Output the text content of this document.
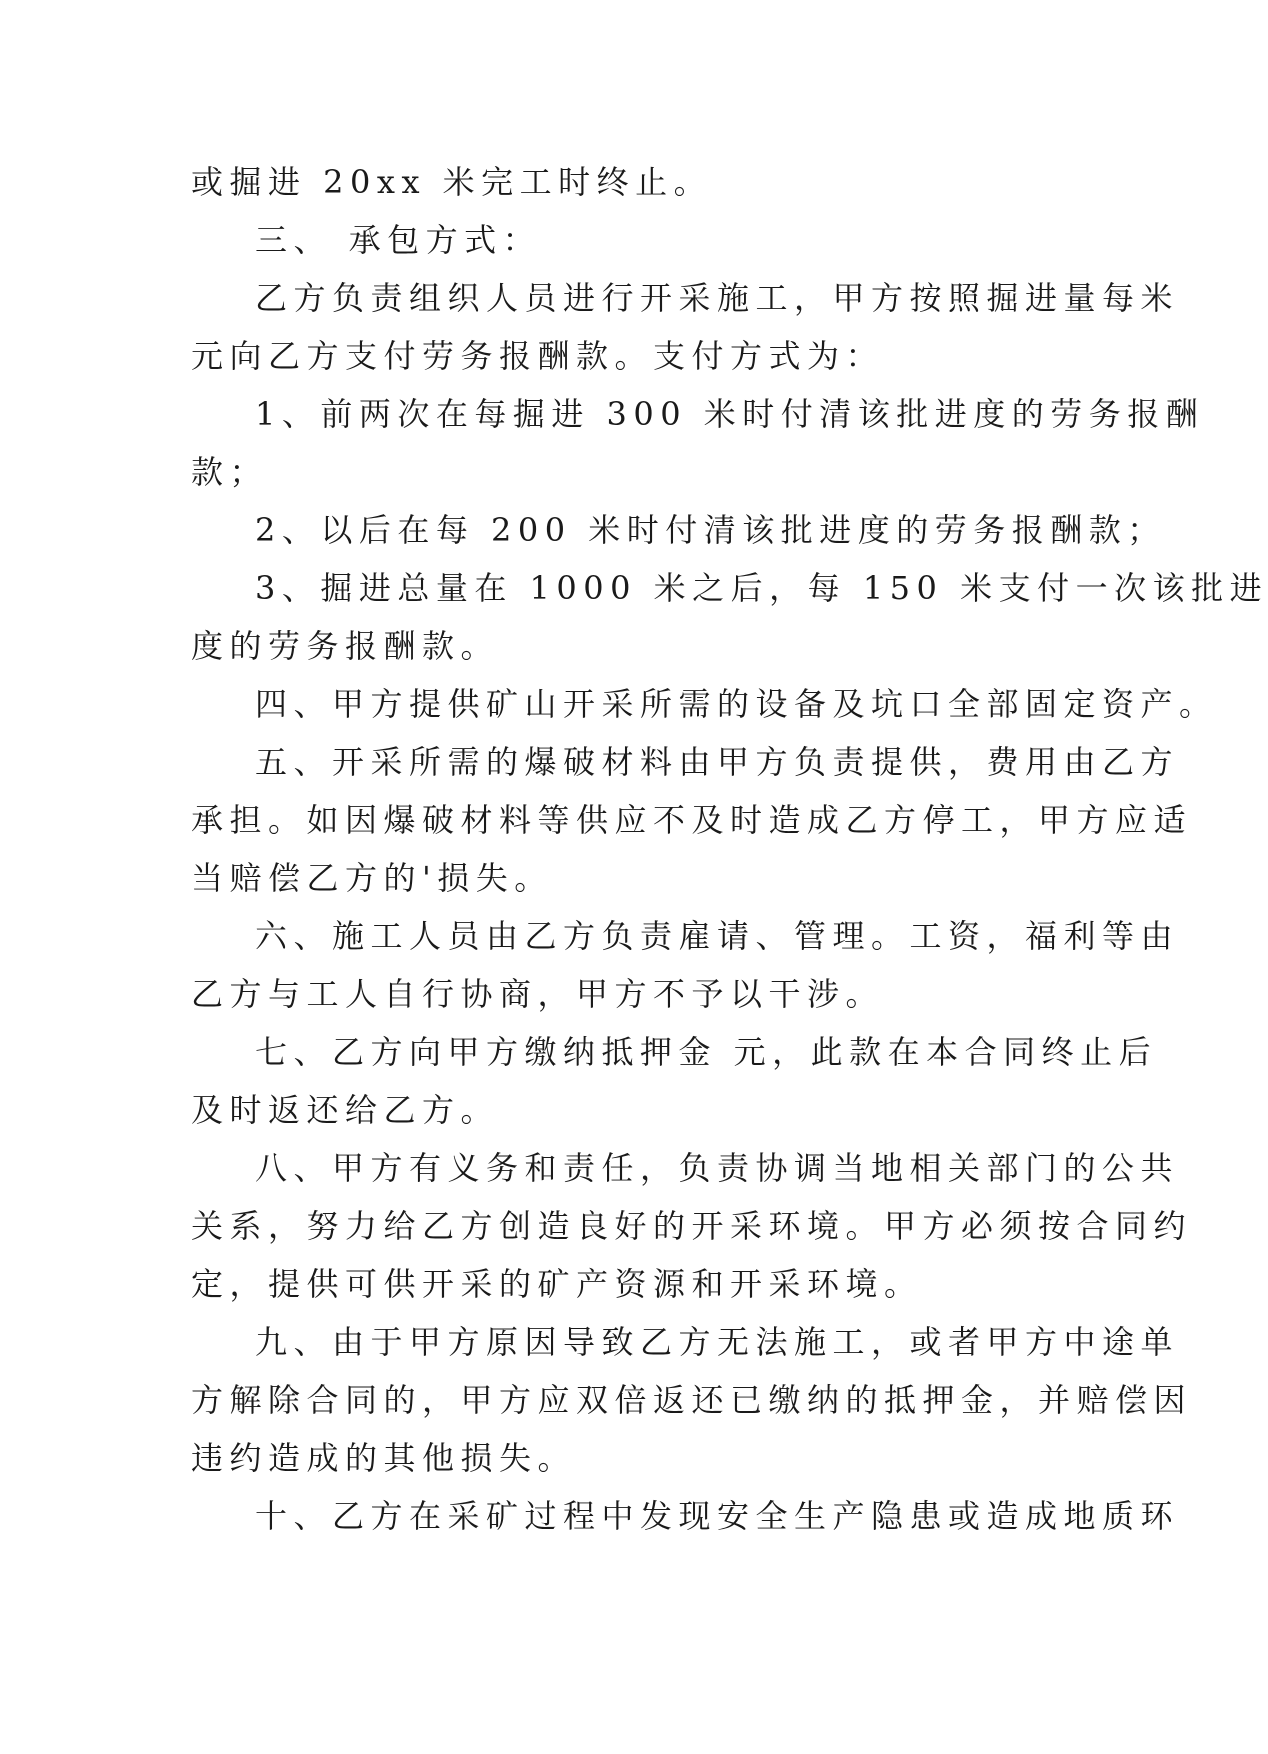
或掘进 20xx 米完工时终止。
三、 承包方式：
乙方负责组织人员进行开采施工，甲方按照掘进量每米
元向乙方支付劳务报酬款。支付方式为：
1、前两次在每掘进 300 米时付清该批进度的劳务报酬
款；
2、以后在每 200 米时付清该批进度的劳务报酬款；
3、掘进总量在 1000 米之后，每 150 米支付一次该批进
度的劳务报酬款。
四、甲方提供矿山开采所需的设备及坑口全部固定资产。
五、开采所需的爆破材料由甲方负责提供，费用由乙方
承担。如因爆破材料等供应不及时造成乙方停工，甲方应适
当赔偿乙方的'损失。
六、施工人员由乙方负责雇请、管理。工资，福利等由
乙方与工人自行协商，甲方不予以干涉。
七、乙方向甲方缴纳抵押金 元，此款在本合同终止后
及时返还给乙方。
八、甲方有义务和责任，负责协调当地相关部门的公共
关系，努力给乙方创造良好的开采环境。甲方必须按合同约
定，提供可供开采的矿产资源和开采环境。
九、由于甲方原因导致乙方无法施工，或者甲方中途单
方解除合同的，甲方应双倍返还已缴纳的抵押金，并赔偿因
违约造成的其他损失。
十、乙方在采矿过程中发现安全生产隐患或造成地质环
